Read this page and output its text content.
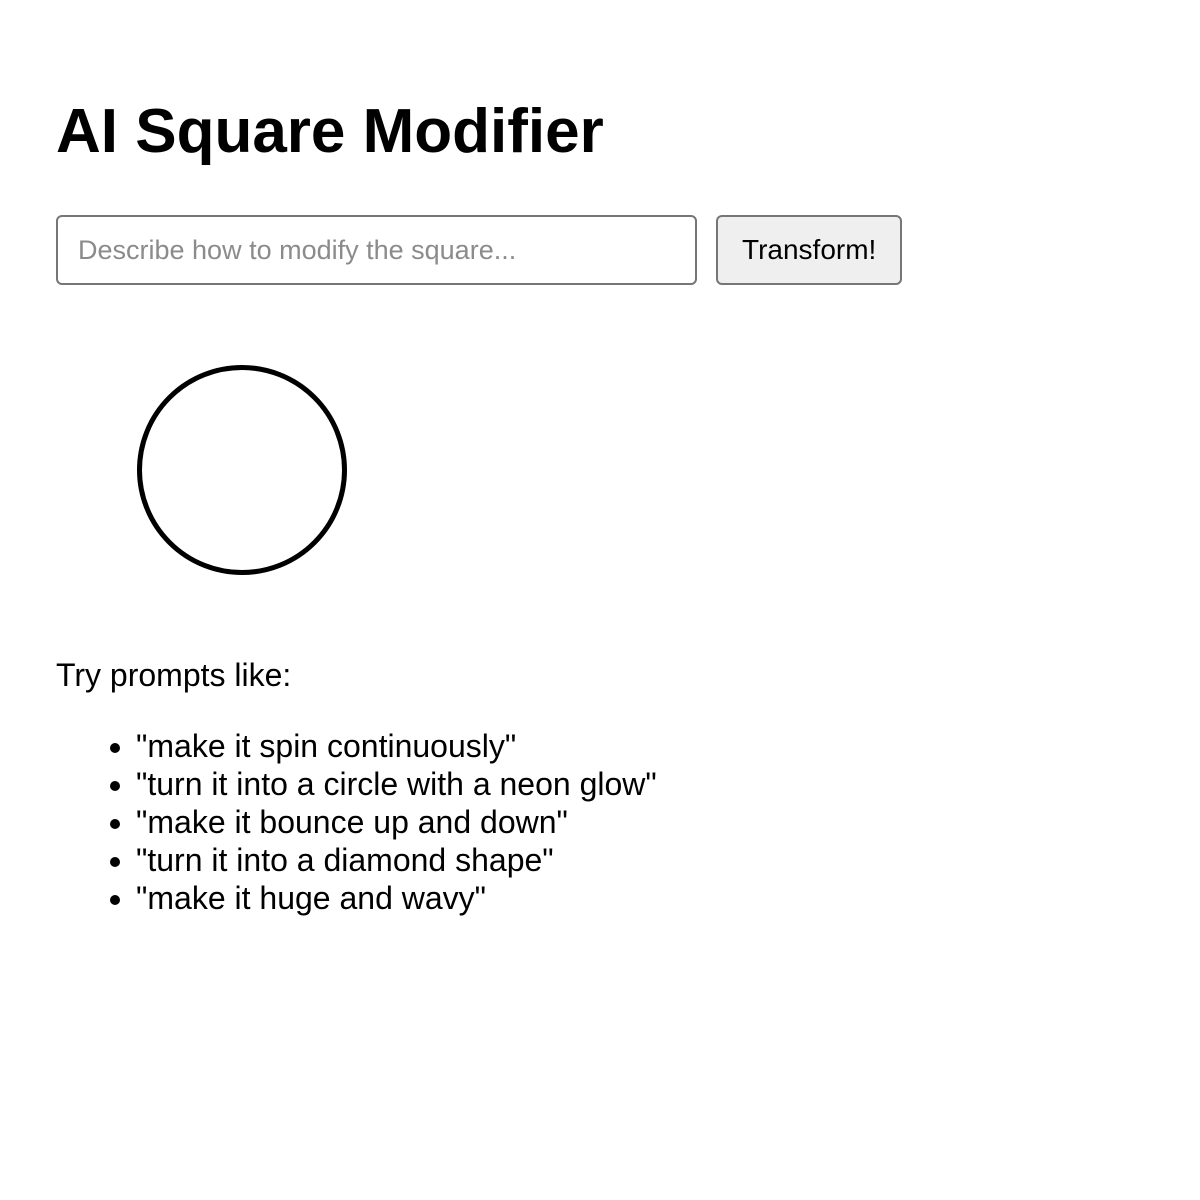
AI Square Modifier
Describe how to modify the square...
Transform!

Try prompts like:

• "make it spin continuously"
• "turn it into a circle with a neon glow"
• "make it bounce up and down"
• "turn it into a diamond shape"
• "make it huge and wavy"
